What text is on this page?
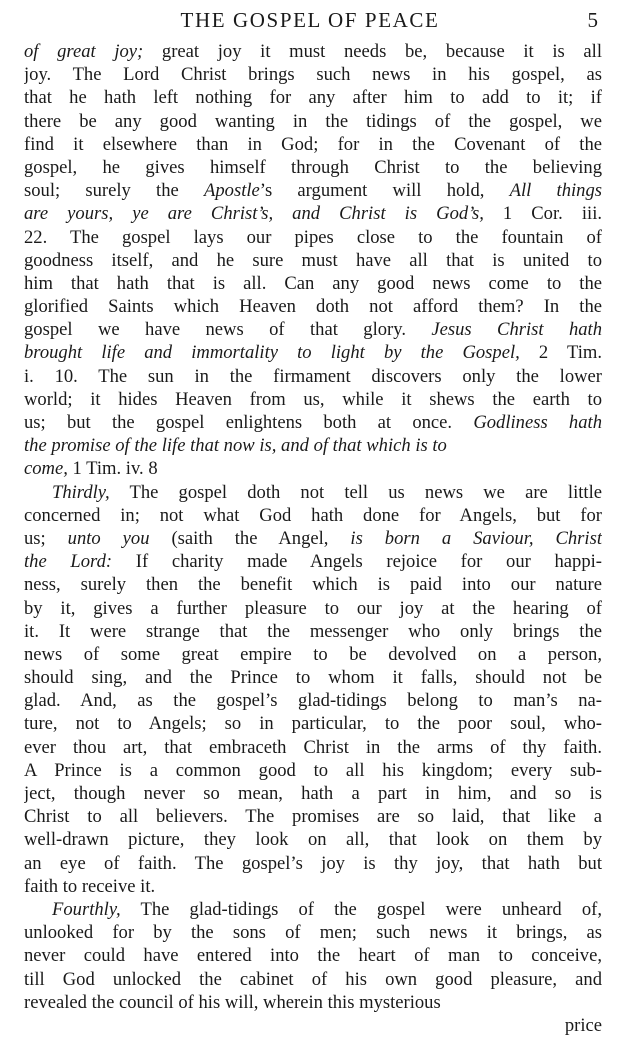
THE GOSPEL OF PEACE	5
of great joy; great joy it must needs be, because it is all
joy. The Lord Christ brings such news in his gospel, as
that he hath left nothing for any after him to add to it; if
there be any good wanting in the tidings of the gospel, we
find it elsewhere than in God; for in the Covenant of the
gospel, he gives himself through Christ to the believing
soul; surely the Apostle’s argument will hold, All things
are yours, ye are Christ’s, and Christ is God’s, 1 Cor. iii.
22. The gospel lays our pipes close to the fountain of
goodness itself, and he sure must have all that is united to
him that hath that is all. Can any good news come to the
glorified Saints which Heaven doth not afford them? In the
gospel we have news of that glory. Jesus Christ hath
brought life and immortality to light by the Gospel, 2 Tim.
i. 10. The sun in the firmament discovers only the lower
world; it hides Heaven from us, while it shews the earth to
us; but the gospel enlightens both at once. Godliness hath
the promise of the life that now is, and of that which is to
come, 1 Tim. iv. 8
Thirdly, The gospel doth not tell us news we are little
concerned in; not what God hath done for Angels, but for
us; unto you (saith the Angel, is born a Saviour, Christ
the Lord: If charity made Angels rejoice for our happi-
ness, surely then the benefit which is paid into our nature
by it, gives a further pleasure to our joy at the hearing of
it. It were strange that the messenger who only brings the
news of some great empire to be devolved on a person,
should sing, and the Prince to whom it falls, should not be
glad. And, as the gospel’s glad-tidings belong to man’s na-
ture, not to Angels; so in particular, to the poor soul, who-
ever thou art, that embraceth Christ in the arms of thy faith.
A Prince is a common good to all his kingdom; every sub-
ject, though never so mean, hath a part in him, and so is
Christ to all believers. The promises are so laid, that like a
well-drawn picture, they look on all, that look on them by
an eye of faith. The gospel’s joy is thy joy, that hath but
faith to receive it.
Fourthly, The glad-tidings of the gospel were unheard of,
unlooked for by the sons of men; such news it brings, as
never could have entered into the heart of man to conceive,
till God unlocked the cabinet of his own good pleasure, and
revealed the council of his will, wherein this mysterious
price
